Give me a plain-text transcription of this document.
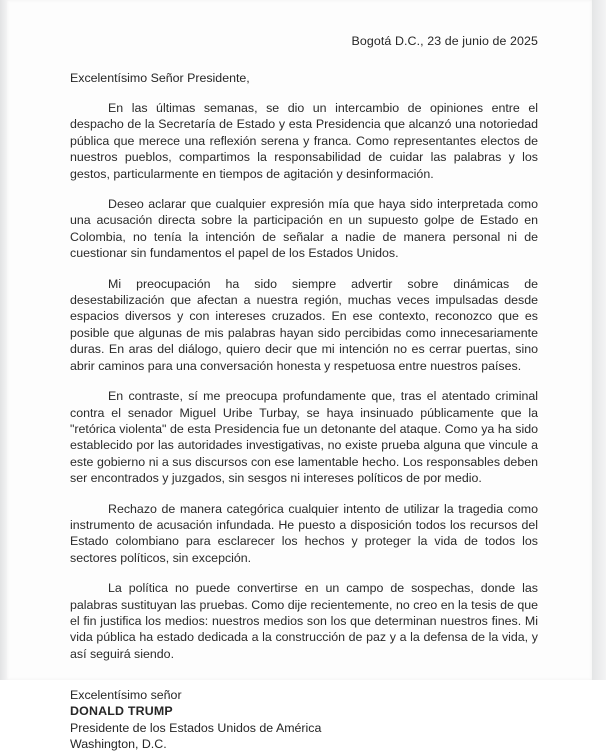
Bogotá D.C., 23 de junio de 2025
Excelentísimo Señor Presidente,

En las últimas semanas, se dio un intercambio de opiniones entre el despacho de la Secretaría de Estado y esta Presidencia que alcanzó una notoriedad pública que merece una reflexión serena y franca. Como representantes electos de nuestros pueblos, compartimos la responsabilidad de cuidar las palabras y los gestos, particularmente en tiempos de agitación y desinformación.

Deseo aclarar que cualquier expresión mía que haya sido interpretada como una acusación directa sobre la participación en un supuesto golpe de Estado en Colombia, no tenía la intención de señalar a nadie de manera personal ni de cuestionar sin fundamentos el papel de los Estados Unidos.

Mi preocupación ha sido siempre advertir sobre dinámicas de desestabilización que afectan a nuestra región, muchas veces impulsadas desde espacios diversos y con intereses cruzados. En ese contexto, reconozco que es posible que algunas de mis palabras hayan sido percibidas como innecesariamente duras. En aras del diálogo, quiero decir que mi intención no es cerrar puertas, sino abrir caminos para una conversación honesta y respetuosa entre nuestros países.

En contraste, sí me preocupa profundamente que, tras el atentado criminal contra el senador Miguel Uribe Turbay, se haya insinuado públicamente que la "retórica violenta" de esta Presidencia fue un detonante del ataque. Como ya ha sido establecido por las autoridades investigativas, no existe prueba alguna que vincule a este gobierno ni a sus discursos con ese lamentable hecho. Los responsables deben ser encontrados y juzgados, sin sesgos ni intereses políticos de por medio.

Rechazo de manera categórica cualquier intento de utilizar la tragedia como instrumento de acusación infundada. He puesto a disposición todos los recursos del Estado colombiano para esclarecer los hechos y proteger la vida de todos los sectores políticos, sin excepción.

La política no puede convertirse en un campo de sospechas, donde las palabras sustituyan las pruebas. Como dije recientemente, no creo en la tesis de que el fin justifica los medios: nuestros medios son los que determinan nuestros fines. Mi vida pública ha estado dedicada a la construcción de paz y a la defensa de la vida, y así seguirá siendo.

Excelentísimo señor
DONALD TRUMP
Presidente de los Estados Unidos de América
Washington, D.C.
